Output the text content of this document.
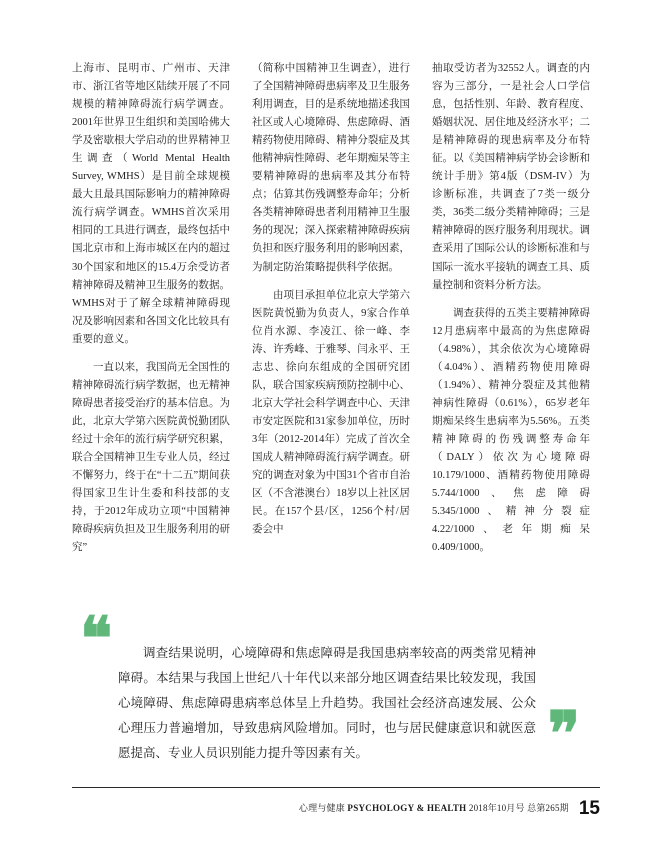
上海市、昆明市、广州市、天津市、浙江省等地区陆续开展了不同规模的精神障碍流行病学调查。2001年世界卫生组织和美国哈佛大学及密歇根大学启动的世界精神卫生调查（World Mental Health Survey, WMHS）是目前全球规模最大且最具国际影响力的精神障碍流行病学调查。WMHS首次采用相同的工具进行调查，最终包括中国北京市和上海市城区在内的超过30个国家和地区的15.4万余受访者精神障碍及精神卫生服务的数据。WMHS对于了解全球精神障碍现况及影响因素和各国文化比较具有重要的意义。

一直以来，我国尚无全国性的精神障碍流行病学数据，也无精神障碍患者接受治疗的基本信息。为此，北京大学第六医院黄悦勤团队经过十余年的流行病学研究积累，联合全国精神卫生专业人员，经过不懈努力，终于在“十二五”期间获得国家卫生计生委和科技部的支持，于2012年成功立项“中国精神障碍疾病负担及卫生服务利用的研究”

（简称中国精神卫生调查），进行了全国精神障碍患病率及卫生服务利用调查，目的是系统地描述我国社区或人心境障碍、焦虑障碍、酒精药物使用障碍、精神分裂症及其他精神病性障碍、老年期痴呆等主要精神障碍的患病率及其分布特点；估算其伤残调整寿命年；分析各类精神障碍患者利用精神卫生服务的现况；深入探索精神障碍疾病负担和医疗服务利用的影响因素，为制定防治策略提供科学依据。

由项目承担单位北京大学第六医院黄悦勤为负责人，9家合作单位肖水源、李凌江、徐一峰、李涛、许秀峰、于雅琴、闫永平、王志忠、徐向东组成的全国研究团队，联合国家疾病预防控制中心、北京大学社会科学调查中心、天津市安定医院和31家参加单位，历时3年（2012-2014年）完成了首次全国成人精神障碍流行病学调查。研究的调查对象为中国31个省市自治区（不含港澳台）18岁以上社区居民。在157个县/区，1256个村/居委会中

抽取受访者为32552人。调查的内容为三部分，一是社会人口学信息，包括性别、年龄、教育程度、婚姻状况、居住地及经济水平；二是精神障碍的现患病率及分布特征。以《美国精神病学协会诊断和统计手册》第4版（DSM-IV）为诊断标准，共调查了7类一级分类，36类二级分类精神障碍；三是精神障碍的医疗服务利用现状。调查采用了国际公认的诊断标准和与国际一流水平接轨的调查工具、质量控制和资料分析方法。

调查获得的五类主要精神障碍12月患病率中最高的为焦虑障碍（4.98%），其余依次为心境障碍（4.04%）、酒精药物使用障碍（1.94%）、精神分裂症及其他精神病性障碍（0.61%），65岁老年期痴呆终生患病率为5.56%。五类精神障碍的伤残调整寿命年（DALY）依次为心境障碍10.179/1000、酒精药物使用障碍5.744/1000、焦虑障碍5.345/1000、精神分裂症4.22/1000、老年期痴呆0.409/1000。

❝	调查结果说明，心境障碍和焦虑障碍是我国患病率较高的两类常见精神障碍。本结果与我国上世纪八十年代以来部分地区调查结果比较发现，我国心境障碍、焦虑障碍患病率总体呈上升趋势。我国社会经济高速发展、公众心理压力普遍增加，导致患病风险增加。同时，也与居民健康意识和就医意愿提高、专业人员识别能力提升等因素有关。	❞
心理与健康 PSYCHOLOGY & HEALTH 2018年10月号 总第265期 15
